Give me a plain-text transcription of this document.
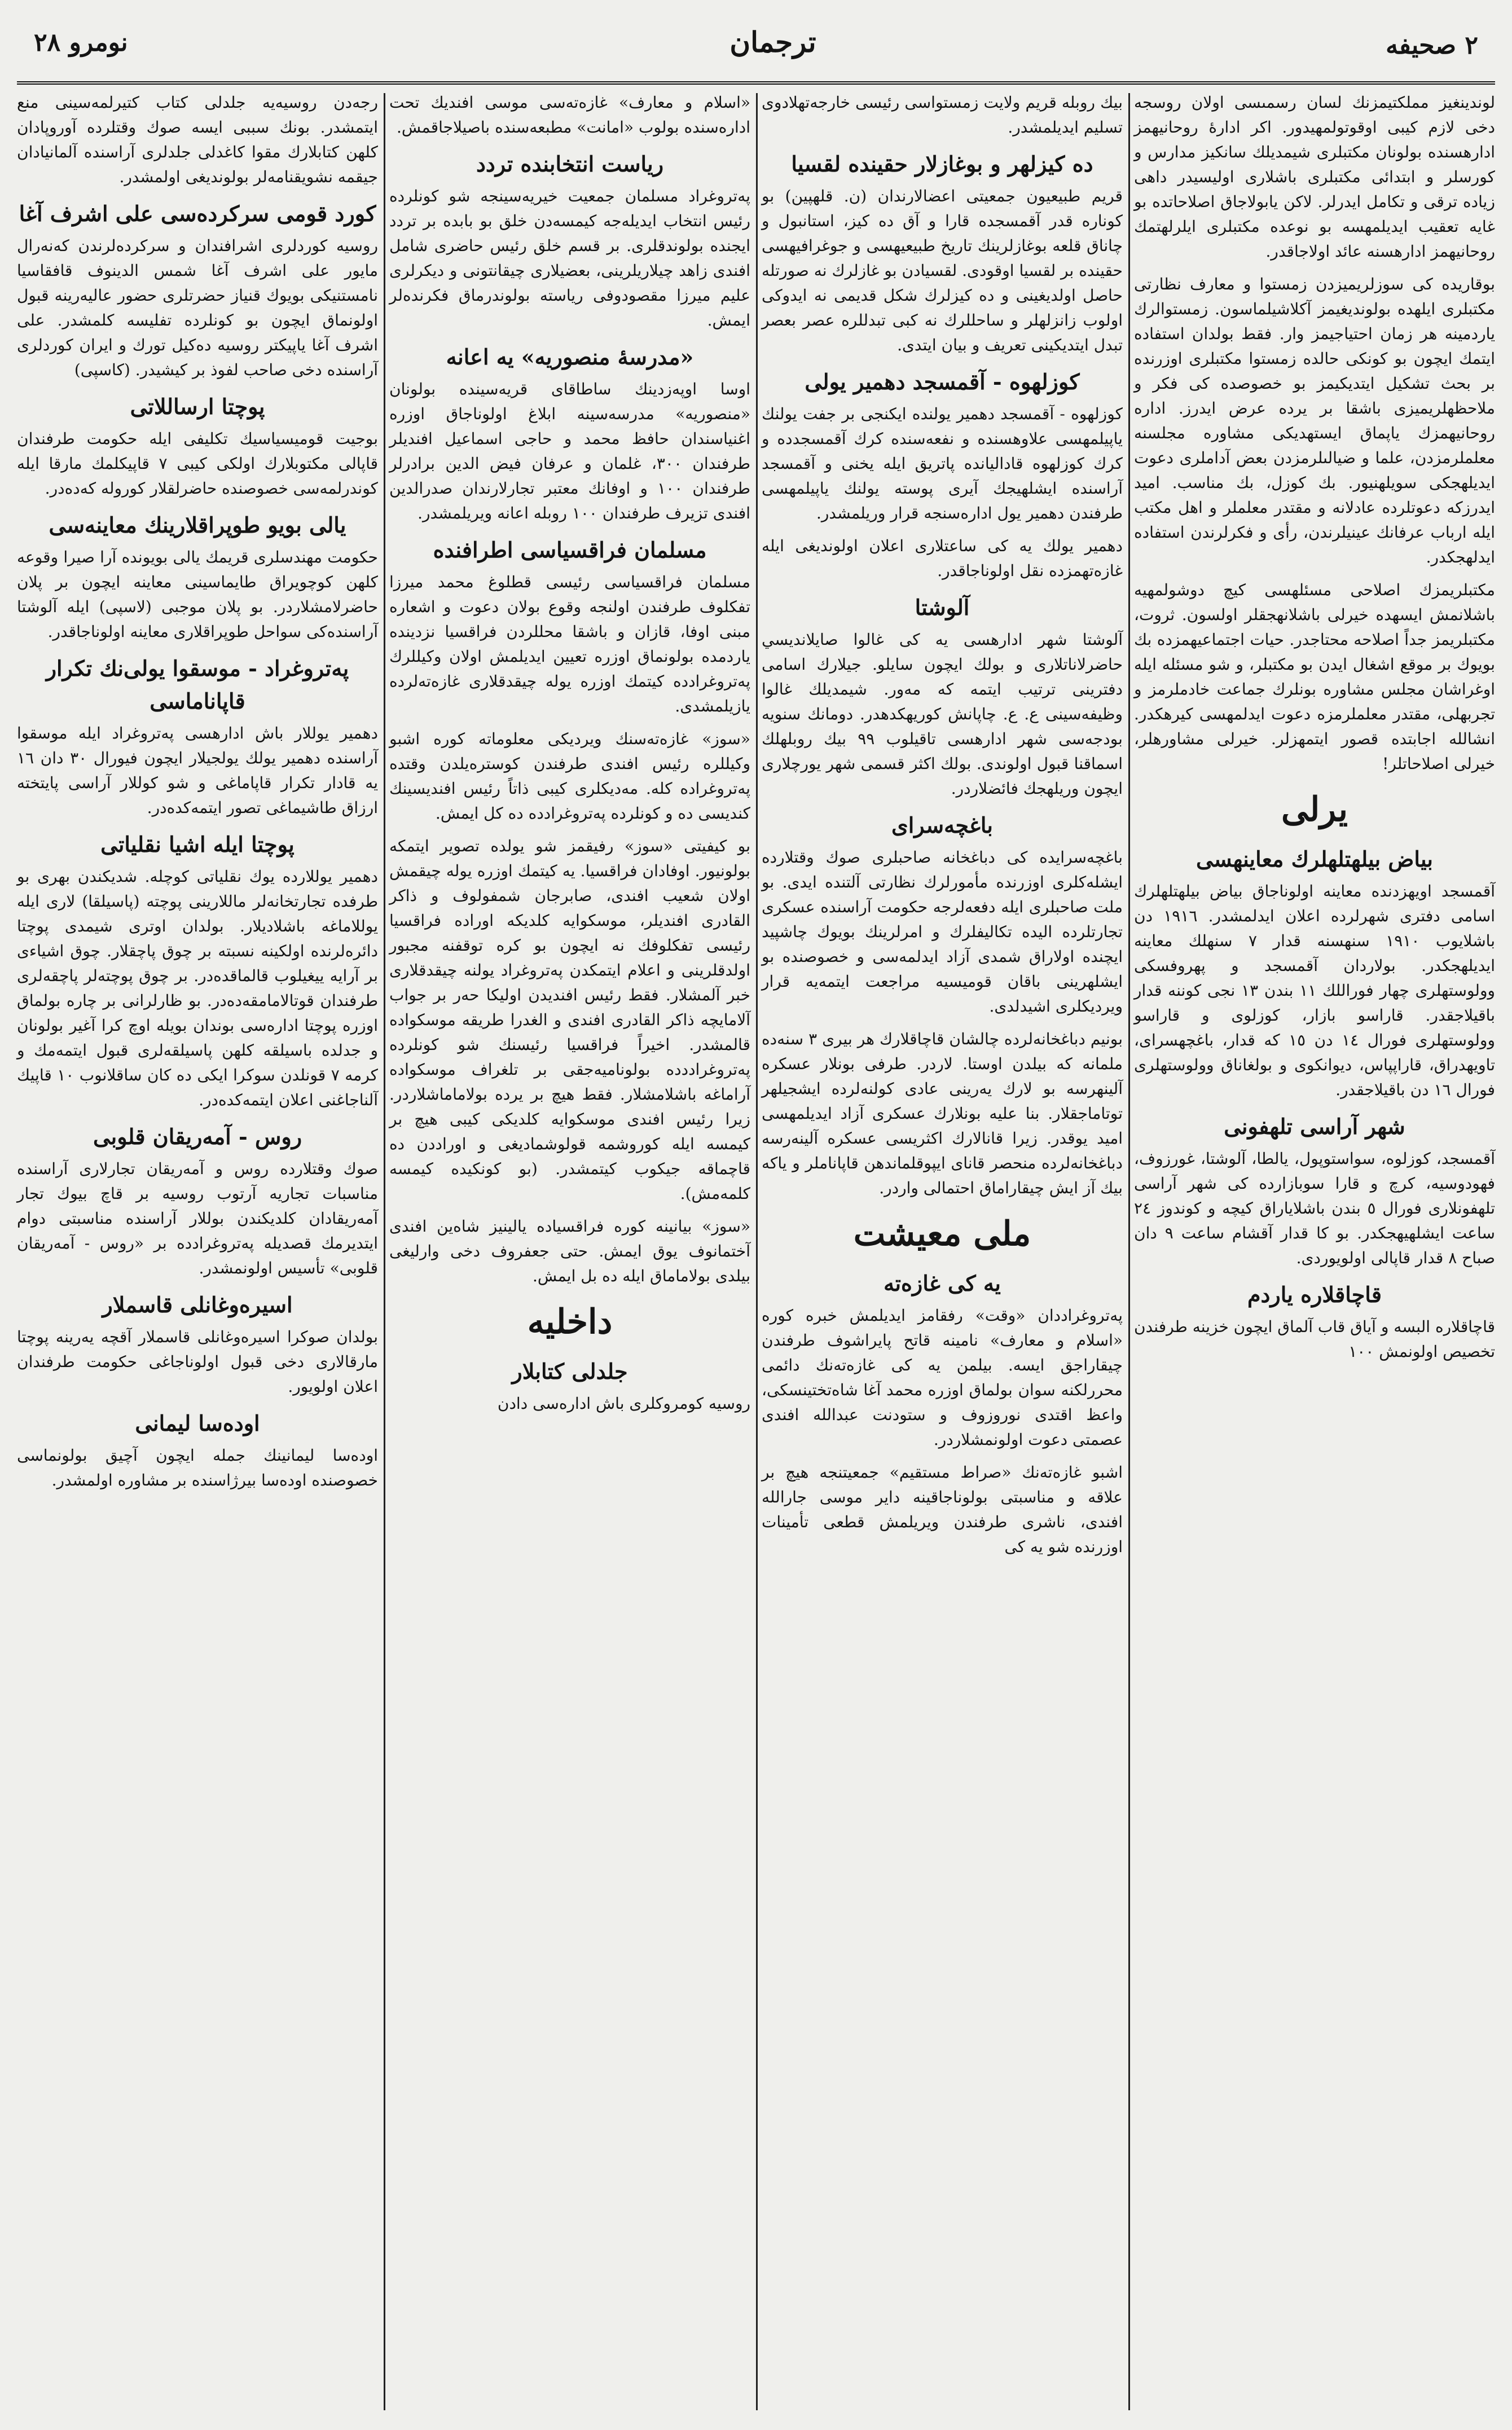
٢ صحيفه
ترجمان
نومرو ٢٨

لوندينغيز مملكتيمزنك لسان رسمىسى اولان روسجه دخى لازم كيبى اوقوتولمهيدور. اكر ادارهٔ روحانيهمز ادارهسنده بولونان مكتبلرى شيمديلك سانكيز مدارس و كورسلر و ابتدائى مكتبلرى باشلارى اوليسيدر داهى زياده ترقى و تكامل ايدرلر. لاكن يابولاجاق اصلاحاتده بو غايه تعقيب ايديلمهسه بو نوعده مكتبلرى ايلرلهتمك روحانيهمز ادارهسنه عائد اولاجاقدر.

بوقاريده كى سوزلريميزدن زمستوا و معارف نظارتى مكتبلرى ايلهده بولونديغيمز آكلاشيلماسون. زمستوالرك ياردمينه هر زمان احتياجيمز وار. فقط بولدان استفاده ايتمك ايچون بو كونكى حالده زمستوا مكتبلرى اوزرنده بر بحث تشكيل ايتديكيمز بو خصوصده كى فكر و ملاحظهلريميزى باشقا بر يرده عرض ايدرز. اداره روحانيهمزك ياپماق ايستهديكى مشاوره مجلسنه معلملرمزدن، علما و ضيالىلرمزدن بعض آداملرى دعوت ايديلهجكى سويلهنيور. بك كوزل، بك مناسب. اميد ايدرزكه دعوتلرده عادلانه و مقتدر معلملر و اهل مكتب ايله ارباب عرفانك عينيلرندن، رأى و فكرلرندن استفاده ايدلهجكدر.

مكتبلريمزك اصلاحى مسئلهسى كيچ دوشولمهيه باشلانمش ايسهده خيرلى باشلانهجقلر اولسون. ثروت، مكتبلريمز جداً اصلاحه محتاجدر. حيات اجتماعيهمزده بك بويوك بر موقع اشغال ايدن بو مكتبلر، و شو مسئله ايله اوغراشان مجلس مشاوره بونلرك جماعت خادملرمز و تجربهلى، مقتدر معلملرمزه دعوت ايدلمهسى كيرهكدر. انشالله اجابتده قصور ايتمهزلر. خيرلى مشاورهلر، خيرلى اصلاحاتلر!

يرلى
بياض بيلهتلهلرك معاينهسى

آقمسجد اويهزدنده معاينه اولوناجاق بياض بيلهتلهلرك اسامى دفترى شهرلرده اعلان ايدلمشدر. ١٩١٦ دن باشلايوب ١٩١٠ سنهسنه قدار ٧ سنهلك معاينه ايديلهجكدر. بولاردان آقمسجد و پهروفسكى وولوستهلرى چهار فوراللك ١١ بندن ١٣ نجى كوننه قدار باقيلاجقدر. قاراسو بازار، كوزلوى و قاراسو وولوستهلرى فورال ١٤ دن ١٥ كه قدار، باغچهسراى، تاويهدراق، قاراپپاس، ديوانكوى و بولغاناق وولوستهلرى فورال ١٦ دن باقيلاجقدر.

شهر آراسى تلهفونى

آقمسجد، كوزلوه، سواستوپول، يالطا، آلوشتا، غورزوف، فهودوسيه، كرچ و قارا سوبازارده كى شهر آراسى تلهفونلارى فورال ٥ بندن باشلاياراق كيچه و كوندوز ٢٤ ساعت ايشلهيهجكدر. بو كا قدار آقشام ساعت ٩ دان صباح ٨ قدار قاپالى اولويوردى.

قاچاقلاره ياردم

قاچاقلاره البسه و آياق قاب آلماق ايچون خزينه طرفندن تخصيص اولونمش ١٠٠

بيك روبله قريم ولايت زمستواسى رئيسى خارجه‌تهلادوى تسليم ايديلمشدر.

ده كيزلهر و بوغازلار حقينده لقسيا

قريم طبيعيون جمعيتى اعضالارندان (ن. قلهپين) بو كوناره قدر آقمسجده قارا و آق ده كيز، استانبول و چاناق قلعه بوغازلرينك تاريخ طبيعيهسى و جوغرافيهسى حقينده بر لقسيا اوقودى. لقسيادن بو غازلرك نه صورتله حاصل اولديغينى و ده كيزلرك شكل قديمى نه ايدوكى اولوب زانزلهلر و ساحللرك نه كبى تبدللره عصر بعصر تبدل ايتديكينى تعريف و بيان ايتدى.

كوزلهوه - آقمسجد دهمير يولى

كوزلهوه - آقمسجد دهمير يولنده ايكنجى بر جفت يولنك ياپيلمهسى علاوهسنده و نفعه‌سنده كرك آقمسجدده و كرك كوزلهوه قاداليانده پاتريق ايله يخنى و آقمسجد آراسنده ايشلهيجك آيرى پوسته يولنك ياپيلمهسى طرفندن دهمير يول اداره‌سنجه قرار وريلمشدر.

دهمير يولك يه كى ساعتلارى اعلان اولونديغى ايله غازه‌تهمزده نقل اولوناجاقدر.

آلوشتا

آلوشتا شهر ادارهسى يه كى غالوا صايلانديسي حاضرلاناتلارى و بولك ايچون سايلو. جيلارك اسامى دفترينى ترتيب ايتمه كه مه‌ور. شيمديلك غالوا وظيفه‌سينى ع. ع. چاپانش كوريهكدهدر. دومانك سنويه بودجه‌سى شهر ادارهسى تاقيلوب ٩٩ بيك روبلهلك اسماقنا قبول اولوندى. بولك اكثر قسمى شهر يورچلارى ايچون وريلهجك فائضلاردر.

باغچه‌سراى

باغچه‌سرايده كى دباغخانه صاحبلرى صوك وقتلارده ايشله‌كلرى اوزرنده مأمورلرك نظارتى آلتنده ايدى. بو ملت صاحبلرى ايله دفعه‌لرجه حكومت آراسنده عسكرى تجارتلرده اليده تكاليفلرك و امرلرينك بويوك چاشپيد ايچنده اولاراق شمدى آزاد ايدلمه‌سى و خصوصنده بو ايشلهرينى باقان قوميسيه مراجعت ايتمه‌يه قرار ويرديكلرى اشيدلدى.

بونيم دباغخانه‌لرده چالشان قاچاقلارك هر بيرى ٣ سنه‌ده ملمانه كه بيلدن اوستا. لاردر. طرفى بونلار عسكره آلينهرسه بو لارك يه‌رينى عادى كولنه‌لرده ايشجيلهر توتاماجقلار. بنا عليه بونلارك عسكرى آزاد ايديلمهسى اميد يوقدر. زيرا قانالارك اكثريسى عسكره آلينه‌رسه دباغخانه‌لرده منحصر قاناى ايپوقلماندهن قاپاناملر و ياكه بيك آز ايش چيقاراماق احتمالى واردر.

ملى معيشت
يه كى غازه‌ته

په‌تروغراددان «وقت» رفقامز ايديلمش خبره كوره «اسلام و معارف» نامينه قاتح پايراشوف طرفندن چيقاراجق ايسه. بيلمن يه كى غازه‌ته‌نك دائمى محررلكنه سوان بولماق اوزره محمد آغا شاه‌تختينسكى، واعظ اقتدى نوروزوف و ستودنت عبدالله افندى عصمتى دعوت اولونمشلاردر.

اشبو غازه‌ته‌نك «صراط مستقيم» جمعيتنجه هيچ بر علاقه و مناسبتى بولوناجاقينه داير موسى جارالله افندى، ناشرى طرفندن وير‌يلمش قطعى تأمينات اوزرنده شو يه كى

«اسلام و معارف» غازه‌ته‌سى موسى افنديك تحت اداره‌سنده بولوب «امانت» مطبعه‌سنده باصيلاجاقمش.

رياست انتخابنده تردد

په‌تروغراد مسلمان جمعيت خيريه‌سينجه شو كونلرده رئيس انتخاب ايديله‌جه كيمسه‌دن خلق بو بابده بر تردد ايجنده بولوندقلرى. بر قسم خلق رئيس حاضرى شامل افندى زاهد چيلاريلرينى، بعضيلارى چيقانتونى و ديكرلرى عليم ميرزا مقصودوفى رياسته بولوندرماق فكرنده‌لر ايمش.

«مدرسهٔ منصوريه» يه اعانه

اوسا اوپه‌زدينك ساطاقاى قريه‌سينده بولونان «منصوريه» مدرسه‌سينه ابلاغ اولوناجاق اوزره اغنياسندان حافظ محمد و حاجى اسماعيل افنديلر طرفندان ٣٠٠، غلمان و عرفان فيض الدين برادرلر طرفندان ١٠٠ و اوفانك معتبر تجارلارندان صدرالدين افندى تزيرف طرفندان ١٠٠ روبله اعانه ويريلمشدر.

مسلمان فراقسياسى اطرافنده

مسلمان فراقسياسى رئيسى قطلوغ محمد ميرزا تفكلوف طرفندن اولنجه وقوع بولان دعوت و اشعاره مبنى اوفا، قازان و باشقا محللردن فراقسيا نزدينده ياردمده بولونماق اوزره تعيين ايديلمش اولان وكيللرك په‌تروغرادده كيتمك اوزره يوله چيقدقلارى غازه‌ته‌لرده يازيلمشدى.

«سوز» غازه‌ته‌سنك ويرديكى معلوماته كوره اشبو وكيللره رئيس افندى طرفندن كوستره‌يلدن وقتده په‌تروغراده كله. مه‌ديكلرى كيبى ذاتاً رئيس افنديسينك كنديسى ده و كونلرده په‌تروغرادده ده كل ايمش.

بو كيفيتى «سوز» رفيقمز شو يولده تصوير ايتمكه بولونيور. اوفادان فراقسيا. يه كيتمك اوزره يوله چيقمش اولان شعيب افندى، صابرجان شمفولوف و ذاكر القادرى افنديلر، موسكوايه كلديكه اوراده فراقسيا رئيسى تفكلوفك نه ايچون بو كره توقفنه مجبور اولدقلرينى و اعلام ايتمكدن په‌تروغراد يولنه چيقدقلارى خبر آلمشلار. فقط رئيس افنديدن اوليكا حه‌ر بر جواب آلامايچه ذاكر القادرى افندى و الغدرا طريقه موسكواده قالمشدر. اخيراً فراقسيا رئيسنك شو كونلرده په‌تروغراددده بولوناميه‌جقى بر تلغراف موسكواده آراماغه باشلامشلار. فقط هيچ بر يرده بولاماماشلاردر. زيرا رئيس افندى موسكوايه كلديكى كيبى هيچ بر كيمسه ايله كوروشمه قولوشماديغى و اوراددن ده قاچماقه جيكوب كيتمشدر. (بو كونكيده كيمسه كلمه‌مش).

«سوز» بيانينه كوره فراقسياده يالينيز شاه‌ين افندى آختمانوف يوق ايمش. حتى جعفروف دخى وارليغى بيلدى بولاماماق ايله ده بل ايمش.

داخليه
جلدلى كتابلار

روسيه كومروكلرى باش اداره‌سى دادن

رجه‌دن روسيه‌يه جلدلى كتاب كتيرلمه‌سينى منع ايتمشدر. بونك سببى ايسه صوك وقتلرده آوروپادان كلهن كتابلارك مقوا كاغدلى جلدلرى آراسنده آلمانيادان جيقمه نشويقنامه‌لر بولونديغى اولمشدر.

كورد قومى سركرده‌سى على اشرف آغا

روسيه كوردلرى اشرافندان و سركرده‌لرندن كه‌نه‌رال مايور على اشرف آغا شمس الدينوف قافقاسيا نامستنيكى بويوك قنياز حضرتلرى حضور عاليه‌رينه قبول اولونماق ايچون بو كونلرده تفليسه كلمشدر. على اشرف آغا ياپيكتر روسيه ده‌كيل تورك و ايران كوردلرى آراسنده دخى صاحب لفوذ بر كيشيدر. (كاسپى)

پوچتا ارساللاتى

بوجيت قوميسياسيك تكليفى ايله حكومت طرفندان قاپالى مكتوبلارك اولكى كيبى ٧ قاپيكلمك مارقا ايله كوندرلمه‌سى خصوصنده حاضرلقلار كوروله كه‌ده‌در.

يالى بويو طوپراقلارينك معاينه‌سى

حكومت مهندسلرى قريمك يالى بويونده آرا صيرا وقوعه كلهن كوچويراق طايماسينى معاينه ايچون بر پلان حاضرلامشلاردر. بو پلان موجبى (لاسپى) ايله آلوشتا آراسنده‌كى سواحل طوپراقلارى معاينه اولوناجاقدر.

په‌تروغراد - موسقوا يولى‌نك تكرار قاپاناماسى

دهمير يوللار باش ادارهسى په‌تروغراد ايله موسقوا آراسنده دهمير يولك يولجيلار ايچون فيورال ٣٠ دان ١٦ يه قادار تكرار قاپاماغى و شو كوللار آراسى پايتخته ارزاق طاشيماغى تصور ايتمه‌كده‌در.

پوچتا ايله اشيا نقلياتى

دهمير يوللارده يوك نقلياتى كوچله. شديكندن بهرى بو طرفده تجارتخانه‌لر ماللارينى پوچته (پاسيلقا) لارى ايله يوللاماغه باشلاديلار. بولدان اوترى شيمدى پوچتا دائره‌لرنده اولكينه نسبته بر چوق پاچقلار. چوق اشياءى بر آرايه ييغيلوب قالماقده‌در. بر چوق پوچته‌لر پاچقه‌لرى طرفندان قوتالامامقه‌ده‌در. بو ظارلرانى بر چاره بولماق اوزره پوچتا اداره‌سى بوندان بويله اوچ كرا آغير بولونان و جدلده باسيلقه كلهن پاسيلقه‌لرى قبول ايتمه‌مك و كرمه ٧ قونلدن سوكرا ايكى ده كان ساقلانوب ١٠ قاپيك آلناجاغنى اعلان ايتمه‌كده‌در.

روس - آمه‌ريقان قلوبى

صوك وقتلارده روس و آمه‌ريقان تجارلارى آراسنده مناسبات تجاريه آرتوب روسيه بر قاچ بيوك تجار آمه‌ريقادان كلديكندن بوللار آراسنده مناسبتى دوام ايتديرمك قصديله په‌تروغرادده بر «روس - آمه‌ريقان قلوبى» تأسيس اولونمشدر.

اسيره‌وغانلى قاسملار

بولدان صوكرا اسيره‌وغانلى قاسملار آقچه يه‌رينه پوچتا مارقالارى دخى قبول اولوناجاغى حكومت طرفندان اعلان اولويور.

اوده‌سا ليمانى

اوده‌سا ليمانينك جمله ايچون آچيق بولونماسى خصوصنده اوده‌سا بيرژاسنده بر مشاوره اولمشدر.
